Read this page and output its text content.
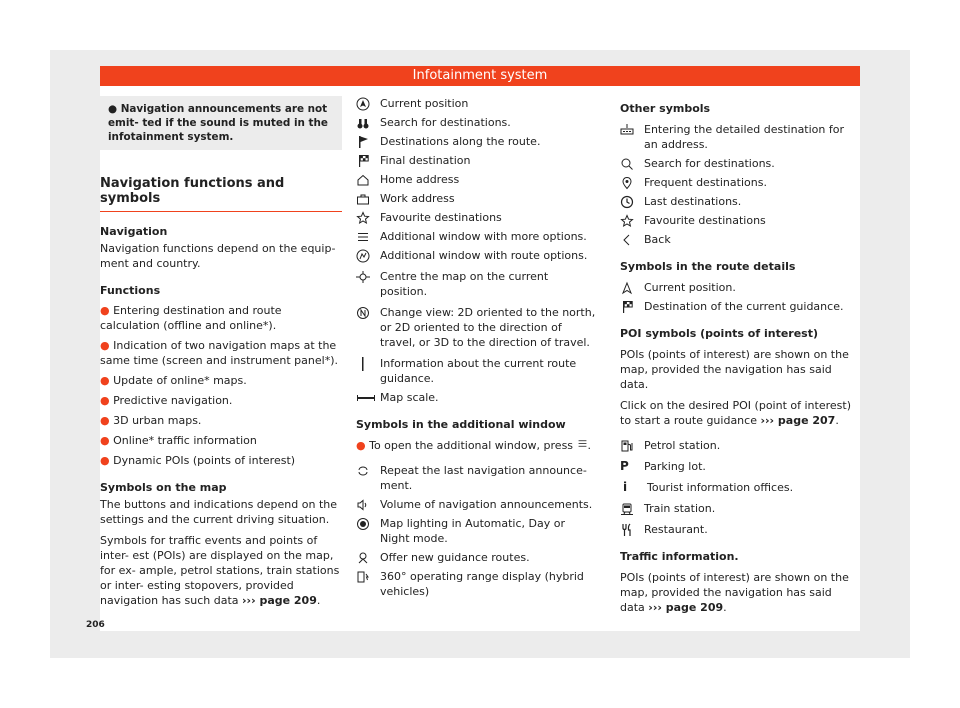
Infotainment system
● Navigation announcements are not emit- ted if the sound is muted in the infotainment system.
Navigation functions and symbols
Navigation

Navigation functions depend on the equip- ment and country.

Functions
● Entering destination and route calculation (offline and online*).
● Indication of two navigation maps at the same time (screen and instrument panel*).
● Update of online* maps.
● Predictive navigation.
● 3D urban maps.
● Online* traffic information
● Dynamic POIs (points of interest)
Symbols on the map

The buttons and indications depend on the settings and the current driving situation.

Symbols for traffic events and points of inter- est (POIs) are displayed on the map, for ex- ample, petrol stations, train stations or inter- esting stopovers, provided navigation has such data ››› page 209.

Current position
Search for destinations.
Destinations along the route.
Final destination
Home address
Work address
Favourite destinations
Additional window with more options.
Additional window with route options.
Centre the map on the current position.
Change view: 2D oriented to the north, or 2D oriented to the direction of travel, or 3D to the direction of travel.
Information about the current route guidance.
Map scale.
Symbols in the additional window
● To open the additional window, press .
Repeat the last navigation announce- ment.
Volume of navigation announcements.
Map lighting in Automatic, Day or Night mode.
Offer new guidance routes.
360° operating range display (hybrid vehicles)
Other symbols
Entering the detailed destination for an address.
Search for destinations.
Frequent destinations.
Last destinations.
Favourite destinations
Back
Symbols in the route details
Current position.
Destination of the current guidance.
POI symbols (points of interest)

POIs (points of interest) are shown on the map, provided the navigation has said data.

Click on the desired POI (point of interest) to start a route guidance ››› page 207.

Petrol station.
P	Parking lot.
i	Tourist information offices.
Train station.
Restaurant.
Traffic information.

POIs (points of interest) are shown on the map, provided the navigation has said data ››› page 209.

206
